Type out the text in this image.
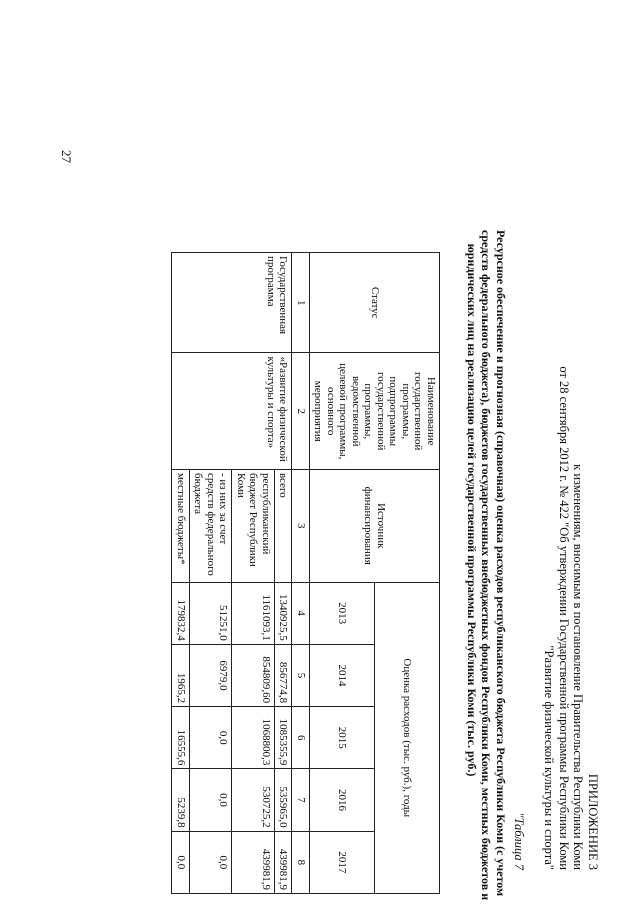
ПРИЛОЖЕНИЕ 3
к изменениям, вносимым в постановление Правительства Республики Коми
от 28 сентября 2012 г. № 422 "Об утверждении Государственной программы Республики Коми
"Развитие физической культуры и спорта"
"Таблица 7
Ресурсное обеспечение и прогнозная (справочная) оценка расходов республиканского бюджета Республики Коми (с учетом
средств федерального бюджета), бюджетов государственных внебюджетных фондов Республики Коми, местных бюджетов и
юридических лиц на реализацию целей государственной программы Республики Коми (тыс. руб.)
Статус	Наименование государственной программы, подпрограммы государственной программы, ведомственной целевой программы, основного мероприятия	Источник финансирования	Оценка расходов (тыс. руб.), годы				
			2013	2014	2015	2016	2017
1	2	3	4	5	6	7	8
Государственная программа	«Развитие физической культуры и спорта»	всего	1340925,5	856774,8	1085355,9	535965,0	439981,9
		республиканский бюджет Республики Коми	1161093,1	854809,60	1068800,3	530725,2	439981,9
		- из них за счет средств федерального бюджета	51251,0	6979,0	0,0	0,0	0,0
		местные бюджеты*	179832,4	1965,2	16555,6	5239,8	0,0
27
